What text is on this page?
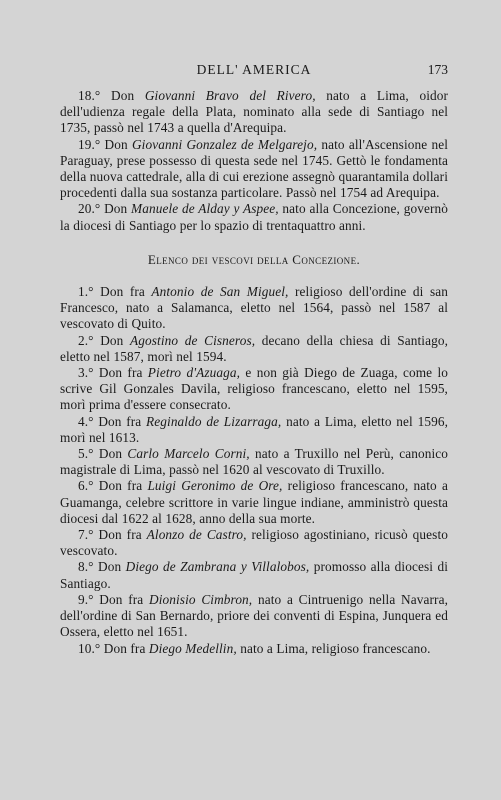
DELL' AMERICA	173

18.° Don Giovanni Bravo del Rivero, nato a Lima, oidor dell'udienza regale della Plata, nominato alla sede di Santiago nel 1735, passò nel 1743 a quella d'Arequipa.

19.° Don Giovanni Gonzalez de Melgarejo, nato all'Ascensione nel Paraguay, prese possesso di questa sede nel 1745. Gettò le fondamenta della nuova cattedrale, alla di cui erezione assegnò quarantamila dollari procedenti dalla sua sostanza particolare. Passò nel 1754 ad Arequipa.

20.° Don Manuele de Alday y Aspee, nato alla Concezione, governò la diocesi di Santiago per lo spazio di trentaquattro anni.

Elenco dei vescovi della Concezione.

1.° Don fra Antonio de San Miguel, religioso dell'ordine di san Francesco, nato a Salamanca, eletto nel 1564, passò nel 1587 al vescovato di Quito.

2.° Don Agostino de Cisneros, decano della chiesa di Santiago, eletto nel 1587, morì nel 1594.

3.° Don fra Pietro d'Azuaga, e non già Diego de Zuaga, come lo scrive Gil Gonzales Davila, religioso francescano, eletto nel 1595, morì prima d'essere consecrato.

4.° Don fra Reginaldo de Lizarraga, nato a Lima, eletto nel 1596, morì nel 1613.

5.° Don Carlo Marcelo Corni, nato a Truxillo nel Perù, canonico magistrale di Lima, passò nel 1620 al vescovato di Truxillo.

6.° Don fra Luigi Geronimo de Ore, religioso francescano, nato a Guamanga, celebre scrittore in varie lingue indiane, amministrò questa diocesi dal 1622 al 1628, anno della sua morte.

7.° Don fra Alonzo de Castro, religioso agostiniano, ricusò questo vescovato.

8.° Don Diego de Zambrana y Villalobos, promosso alla diocesi di Santiago.

9.° Don fra Dionisio Cimbron, nato a Cintruenigo nella Navarra, dell'ordine di San Bernardo, priore dei conventi di Espina, Junquera ed Ossera, eletto nel 1651.

10.° Don fra Diego Medellin, nato a Lima, religioso francescano.
